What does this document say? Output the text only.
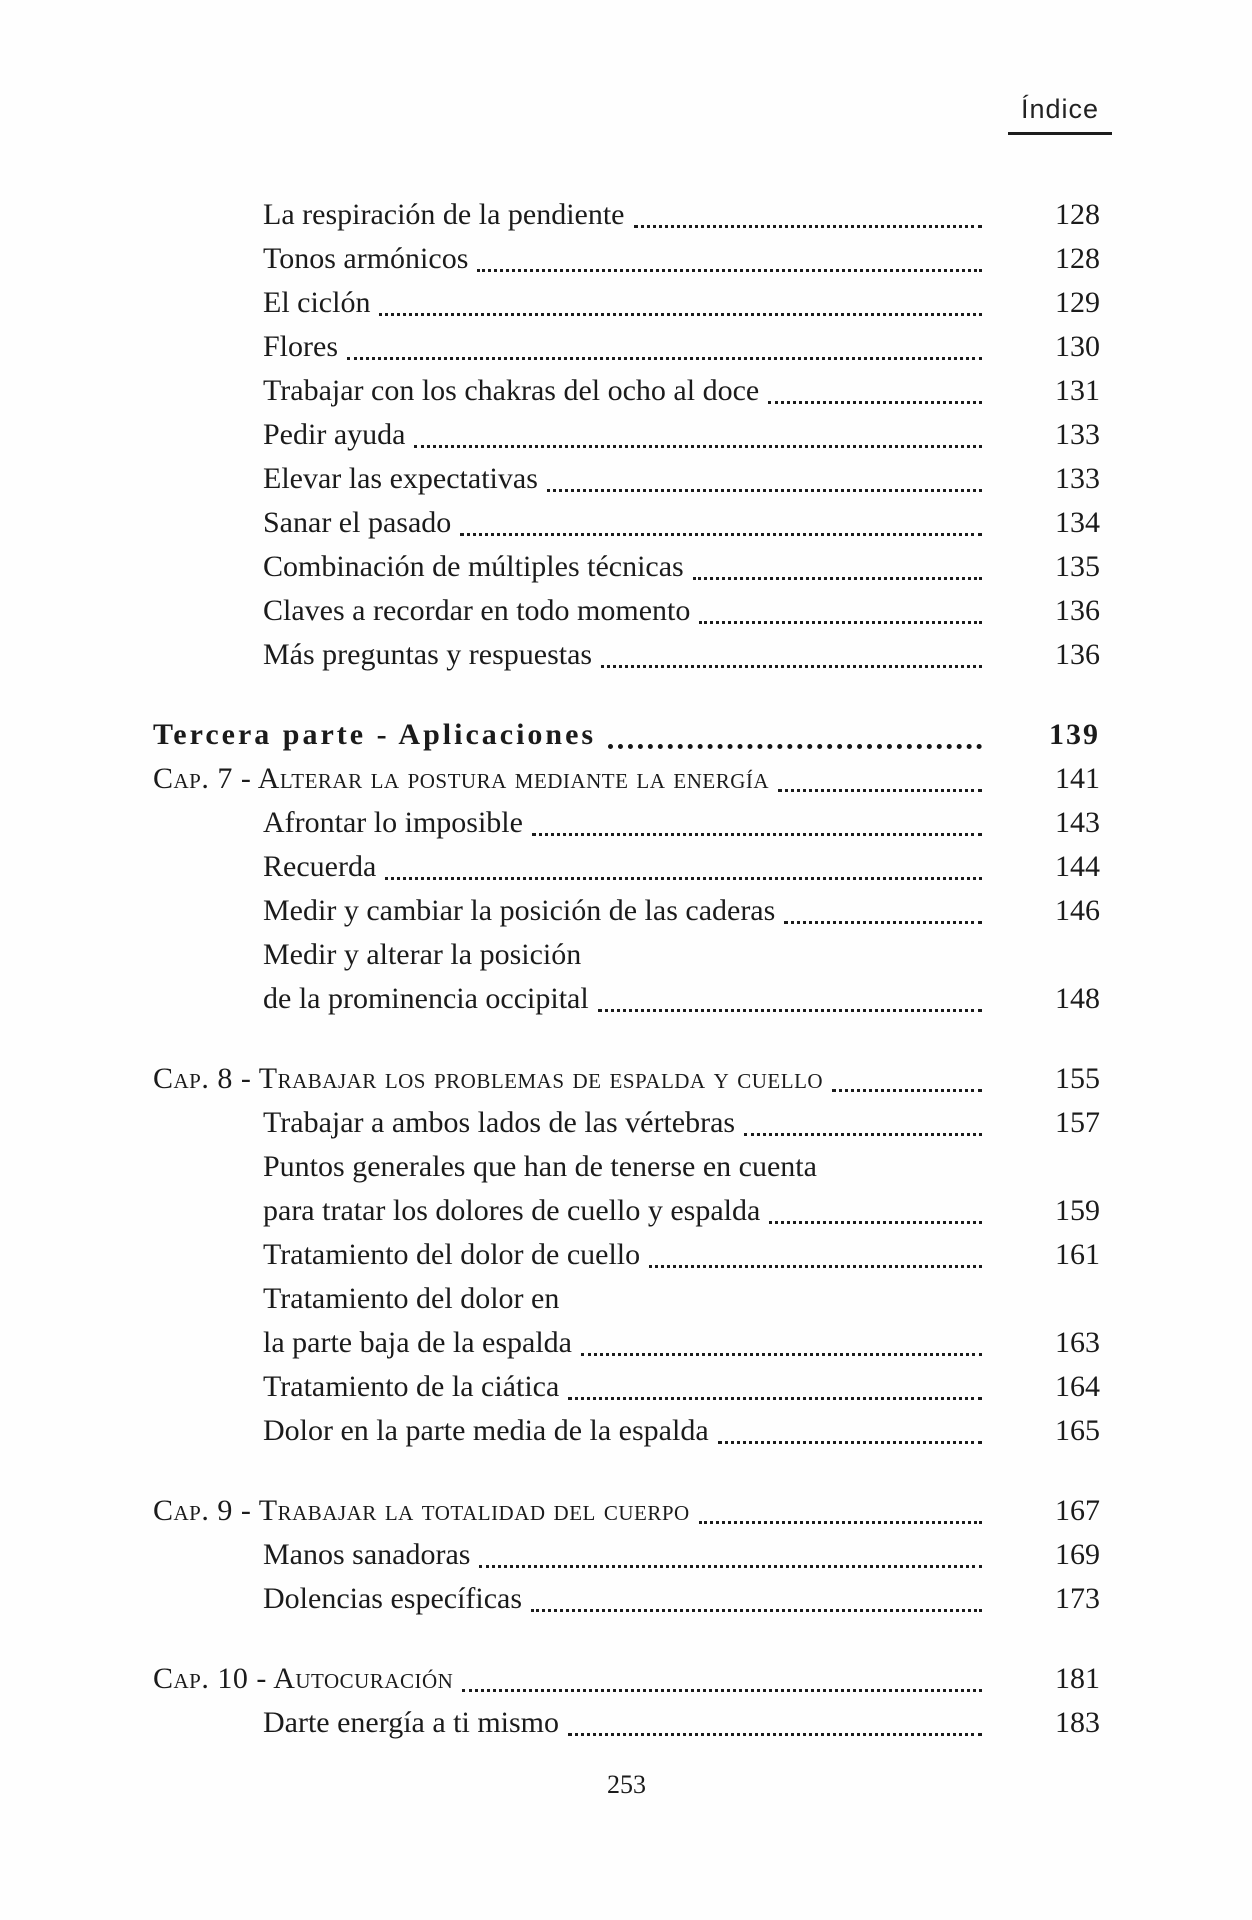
Índice
La respiración de la pendiente	128
Tonos armónicos	128
El ciclón	129
Flores	130
Trabajar con los chakras del ocho al doce	131
Pedir ayuda	133
Elevar las expectativas	133
Sanar el pasado	134
Combinación de múltiples técnicas	135
Claves a recordar en todo momento	136
Más preguntas y respuestas	136
Tercera parte - Aplicaciones	139
Cap. 7 - Alterar la postura mediante la energía	141
Afrontar lo imposible	143
Recuerda	144
Medir y cambiar la posición de las caderas	146
Medir y alterar la posición
de la prominencia occipital	148
Cap. 8 - Trabajar los problemas de espalda y cuello	155
Trabajar a ambos lados de las vértebras	157
Puntos generales que han de tenerse en cuenta
para tratar los dolores de cuello y espalda	159
Tratamiento del dolor de cuello	161
Tratamiento del dolor en
la parte baja de la espalda	163
Tratamiento de la ciática	164
Dolor en la parte media de la espalda	165
Cap. 9 - Trabajar la totalidad del cuerpo	167
Manos sanadoras	169
Dolencias específicas	173
Cap. 10 - Autocuración	181
Darte energía a ti mismo	183
253
